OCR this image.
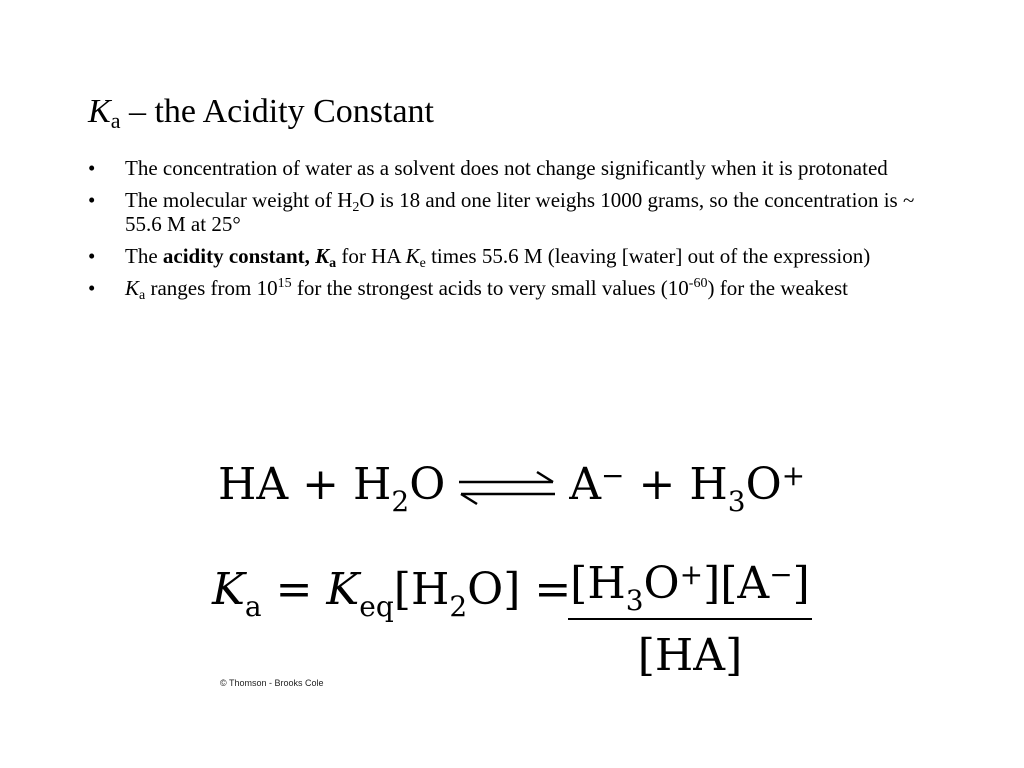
$K_a$ – the Acidity Constant
• The concentration of water as a solvent does not change significantly when it is protonated
• The molecular weight of $H_2O$ is 18 and one liter weighs 1000 grams, so the concentration is ~ 55.6 M at 25°
• The acidity constant, $K_a$ for HA $K_e$ times 55.6 M (leaving [water] out of the expression)
• $K_a$ ranges from $10^{15}$ for the strongest acids to very small values $(10^{-60})$ for the weakest
HA + $H_2O$ ⇌ $A^- + H_3O^+$
$K_a = K_{eq}[H_2O]$ =
$[H_3O^+][A^-]$
[HA]
© Thomson - Brooks Cole
